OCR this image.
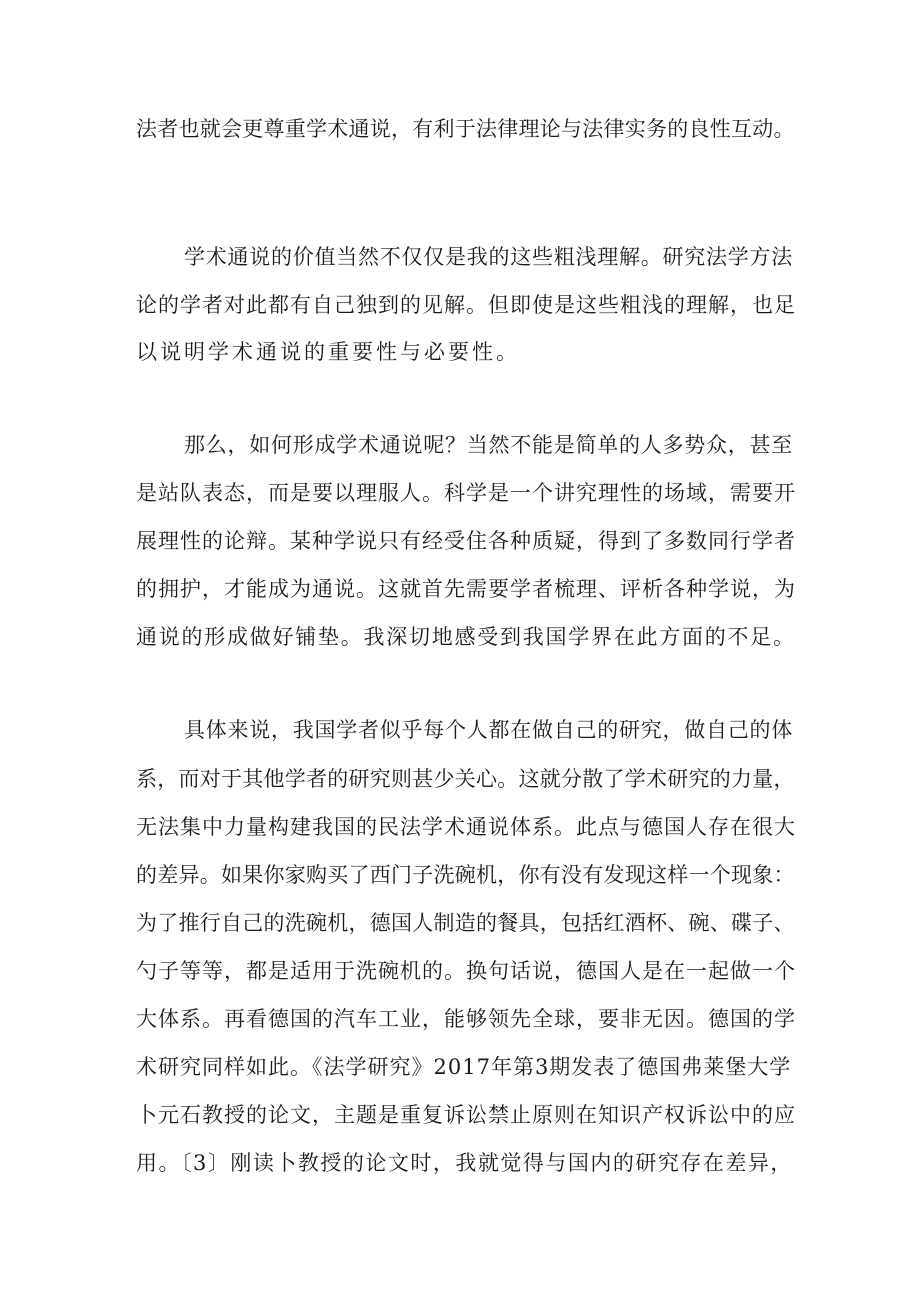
法者也就会更尊重学术通说，有利于法律理论与法律实务的良性互动。

学术通说的价值当然不仅仅是我的这些粗浅理解。研究法学方法

论的学者对此都有自己独到的见解。但即使是这些粗浅的理解，也足

以说明学术通说的重要性与必要性。

那么，如何形成学术通说呢？当然不能是简单的人多势众，甚至

是站队表态，而是要以理服人。科学是一个讲究理性的场域，需要开

展理性的论辩。某种学说只有经受住各种质疑，得到了多数同行学者

的拥护，才能成为通说。这就首先需要学者梳理、评析各种学说，为

通说的形成做好铺垫。我深切地感受到我国学界在此方面的不足。

具体来说，我国学者似乎每个人都在做自己的研究，做自己的体

系，而对于其他学者的研究则甚少关心。这就分散了学术研究的力量，

无法集中力量构建我国的民法学术通说体系。此点与德国人存在很大

的差异。如果你家购买了西门子洗碗机，你有没有发现这样一个现象：

为了推行自己的洗碗机，德国人制造的餐具，包括红酒杯、碗、碟子、

勺子等等，都是适用于洗碗机的。换句话说，德国人是在一起做一个

大体系。再看德国的汽车工业，能够领先全球，要非无因。德国的学

术研究同样如此。《法学研究》2017年第3期发表了德国弗莱堡大学

卜元石教授的论文，主题是重复诉讼禁止原则在知识产权诉讼中的应

用。〔3〕刚读卜教授的论文时，我就觉得与国内的研究存在差异，
